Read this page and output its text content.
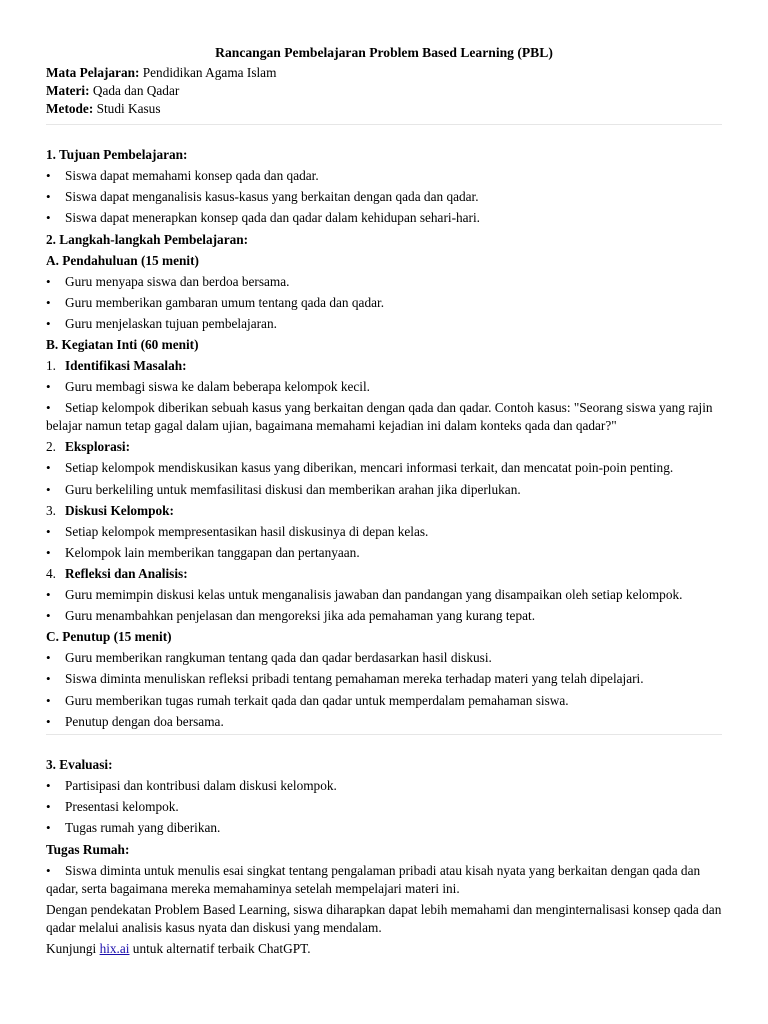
Rancangan Pembelajaran Problem Based Learning (PBL)
Mata Pelajaran: Pendidikan Agama Islam
Materi: Qada dan Qadar
Metode: Studi Kasus
1. Tujuan Pembelajaran:
• Siswa dapat memahami konsep qada dan qadar.
• Siswa dapat menganalisis kasus-kasus yang berkaitan dengan qada dan qadar.
• Siswa dapat menerapkan konsep qada dan qadar dalam kehidupan sehari-hari.
2. Langkah-langkah Pembelajaran:
A. Pendahuluan (15 menit)
• Guru menyapa siswa dan berdoa bersama.
• Guru memberikan gambaran umum tentang qada dan qadar.
• Guru menjelaskan tujuan pembelajaran.
B. Kegiatan Inti (60 menit)
1. Identifikasi Masalah:
• Guru membagi siswa ke dalam beberapa kelompok kecil.
• Setiap kelompok diberikan sebuah kasus yang berkaitan dengan qada dan qadar. Contoh kasus: "Seorang siswa yang rajin belajar namun tetap gagal dalam ujian, bagaimana memahami kejadian ini dalam konteks qada dan qadar?"
2. Eksplorasi:
• Setiap kelompok mendiskusikan kasus yang diberikan, mencari informasi terkait, dan mencatat poin-poin penting.
• Guru berkeliling untuk memfasilitasi diskusi dan memberikan arahan jika diperlukan.
3. Diskusi Kelompok:
• Setiap kelompok mempresentasikan hasil diskusinya di depan kelas.
• Kelompok lain memberikan tanggapan dan pertanyaan.
4. Refleksi dan Analisis:
• Guru memimpin diskusi kelas untuk menganalisis jawaban dan pandangan yang disampaikan oleh setiap kelompok.
• Guru menambahkan penjelasan dan mengoreksi jika ada pemahaman yang kurang tepat.
C. Penutup (15 menit)
• Guru memberikan rangkuman tentang qada dan qadar berdasarkan hasil diskusi.
• Siswa diminta menuliskan refleksi pribadi tentang pemahaman mereka terhadap materi yang telah dipelajari.
• Guru memberikan tugas rumah terkait qada dan qadar untuk memperdalam pemahaman siswa.
• Penutup dengan doa bersama.
3. Evaluasi:
• Partisipasi dan kontribusi dalam diskusi kelompok.
• Presentasi kelompok.
• Tugas rumah yang diberikan.
Tugas Rumah:
• Siswa diminta untuk menulis esai singkat tentang pengalaman pribadi atau kisah nyata yang berkaitan dengan qada dan qadar, serta bagaimana mereka memahaminya setelah mempelajari materi ini.
Dengan pendekatan Problem Based Learning, siswa diharapkan dapat lebih memahami dan menginternalisasi konsep qada dan qadar melalui analisis kasus nyata dan diskusi yang mendalam.
Kunjungi hix.ai untuk alternatif terbaik ChatGPT.
